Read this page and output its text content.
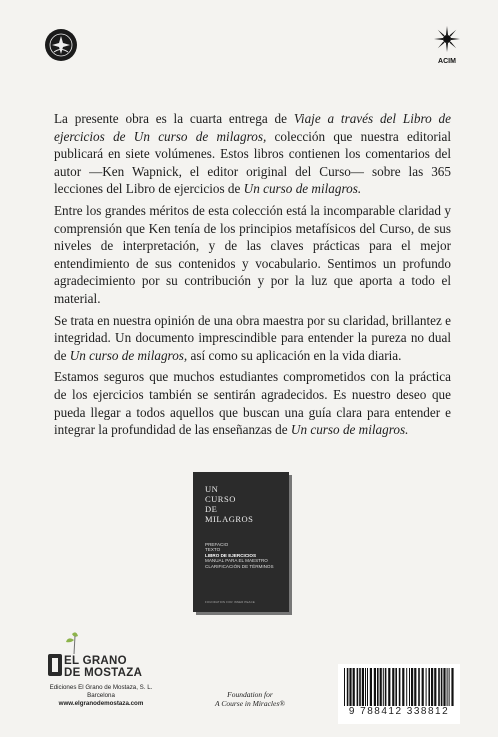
ACIM

La presente obra es la cuarta entrega de Viaje a través del Libro de ejercicios de Un curso de milagros, colección que nuestra editorial publicará en siete volúmenes. Estos libros contienen los comentarios del autor —Ken Wapnick, el editor original del Curso— sobre las 365 lecciones del Libro de ejercicios de Un curso de milagros.

Entre los grandes méritos de esta colección está la incomparable claridad y comprensión que Ken tenía de los principios metafísicos del Curso, de sus niveles de interpretación, y de las claves prácticas para el mejor entendimiento de sus contenidos y vocabulario. Sentimos un profundo agradecimiento por su contribución y por la luz que aporta a todo el material.

Se trata en nuestra opinión de una obra maestra por su claridad, brillantez e integridad. Un documento imprescindible para entender la pureza no dual de Un curso de milagros, así como su aplicación en la vida diaria.

Estamos seguros que muchos estudiantes comprometidos con la práctica de los ejercicios también se sentirán agradecidos. Es nuestro deseo que pueda llegar a todos aquellos que buscan una guía clara para entender e integrar la profundidad de las enseñanzas de Un curso de milagros.

UN
CURSO
DE
MILAGROS
PREFACIO
TEXTO
LIBRO DE EJERCICIOS
MANUAL PARA EL MAESTRO
CLARIFICACIÓN DE TÉRMINOS
FOUNDATION FOR INNER PEACE
EL GRANO
DE MOSTAZA
Ediciones El Grano de Mostaza, S. L.
Barcelona
www.elgranodemostaza.com
Foundation for
A Course in Miracles®
9 788412 338812
